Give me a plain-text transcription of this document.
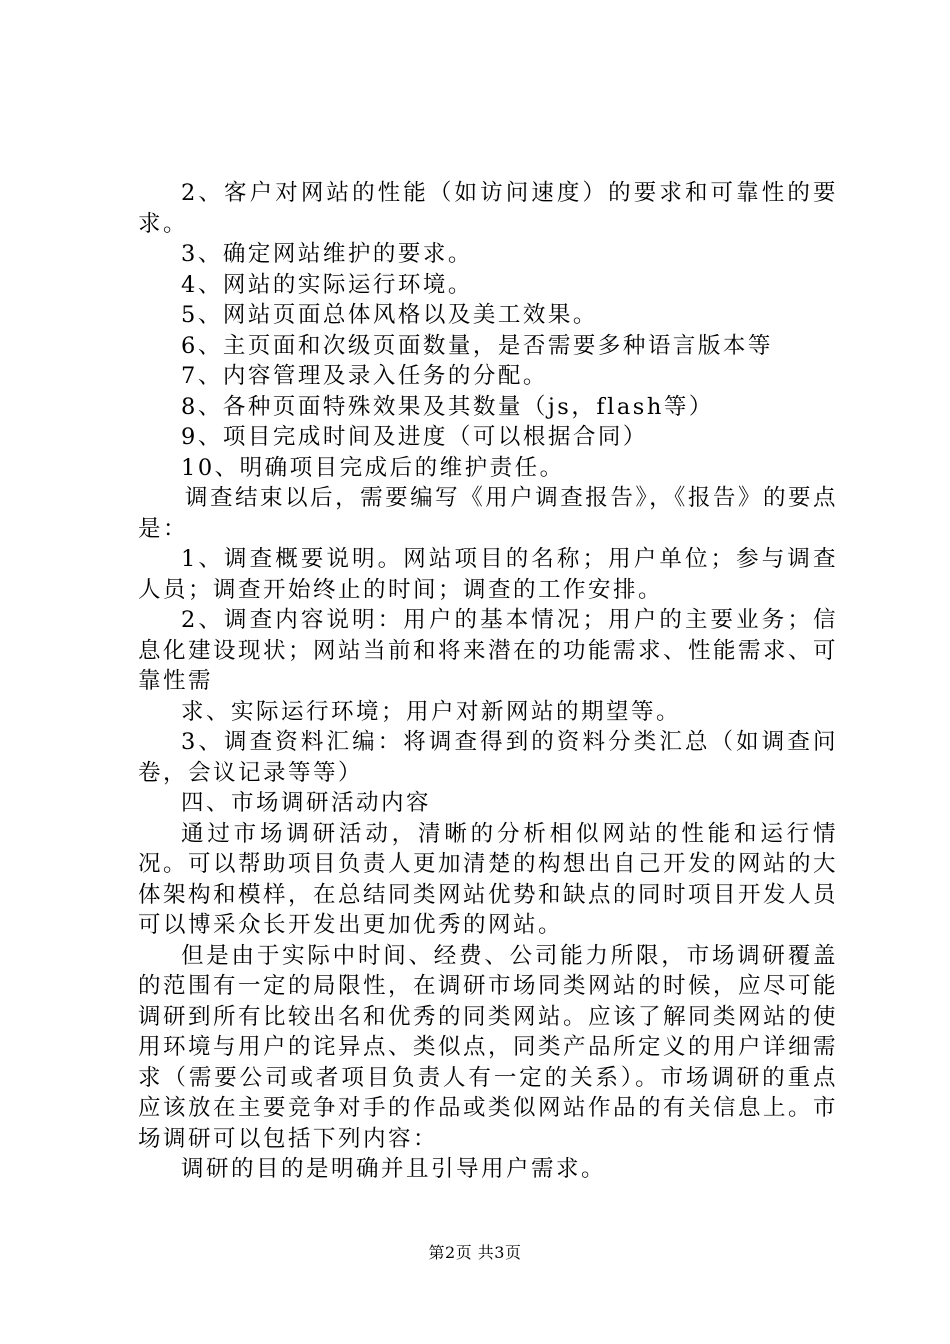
2、客户对网站的性能（如访问速度）的要求和可靠性的要求。

3、确定网站维护的要求。

4、网站的实际运行环境。

5、网站页面总体风格以及美工效果。

6、主页面和次级页面数量，是否需要多种语言版本等

7、内容管理及录入任务的分配。

8、各种页面特殊效果及其数量（js，flash等）

9、项目完成时间及进度（可以根据合同）

10、明确项目完成后的维护责任。

调查结束以后，需要编写《用户调查报告》，《报告》的要点是：

1、调查概要说明。网站项目的名称；用户单位；参与调查人员；调查开始终止的时间；调查的工作安排。

2、调查内容说明：用户的基本情况；用户的主要业务；信息化建设现状；网站当前和将来潜在的功能需求、性能需求、可靠性需

求、实际运行环境；用户对新网站的期望等。

3、调查资料汇编：将调查得到的资料分类汇总（如调查问卷，会议记录等等）

四、市场调研活动内容

通过市场调研活动，清晰的分析相似网站的性能和运行情况。可以帮助项目负责人更加清楚的构想出自己开发的网站的大体架构和模样，在总结同类网站优势和缺点的同时项目开发人员可以博采众长开发出更加优秀的网站。

但是由于实际中时间、经费、公司能力所限，市场调研覆盖的范围有一定的局限性，在调研市场同类网站的时候，应尽可能调研到所有比较出名和优秀的同类网站。应该了解同类网站的使用环境与用户的诧异点、类似点，同类产品所定义的用户详细需求（需要公司或者项目负责人有一定的关系）。市场调研的重点应该放在主要竞争对手的作品或类似网站作品的有关信息上。市场调研可以包括下列内容：

调研的目的是明确并且引导用户需求。

第2页 共3页
